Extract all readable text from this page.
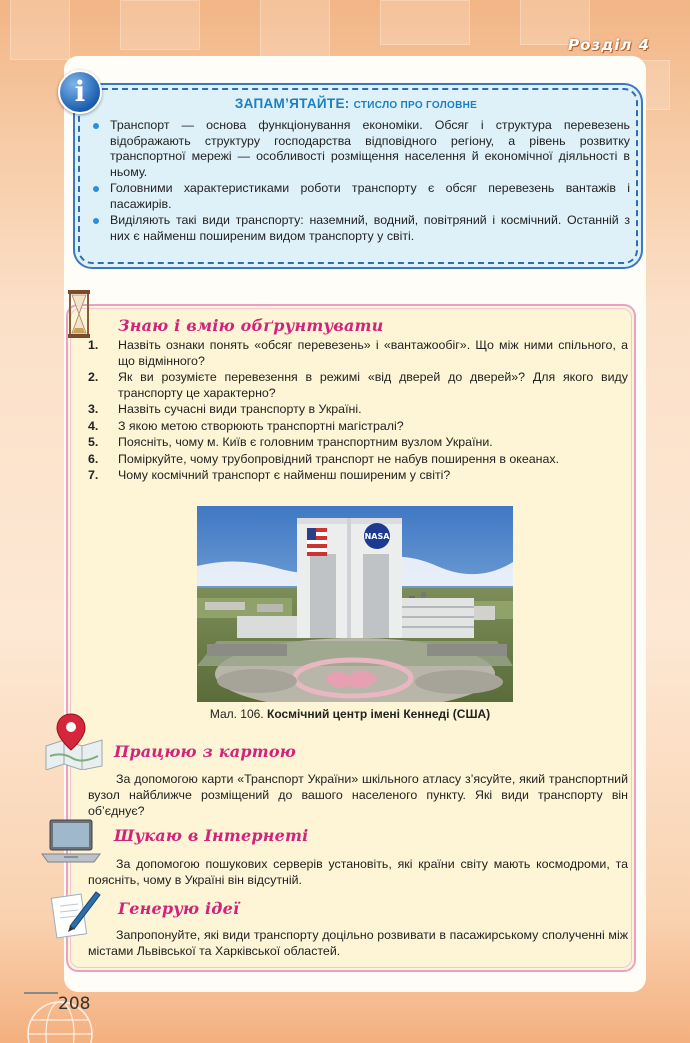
Розділ 4
i	ЗАПАМ’ЯТАЙТЕ: СТИСЛО ПРО ГОЛОВНЕ
Транспорт — основа функціонування економіки. Обсяг і структура перевезень відображають структуру господарства відповідного регіону, а рівень розвитку транспортної мережі — особливості розміщення населення й економічної діяльності в ньому.
Головними характеристиками роботи транспорту є обсяг перевезень вантажів і пасажирів.
Виділяють такі види транспорту: наземний, водний, повітряний і космічний. Останній з них є найменш поширеним видом транспорту у світі.
Знаю і вмію обґрунтувати
1.	Назвіть ознаки понять «обсяг перевезень» і «вантажообіг». Що між ними спільного, а що відмінного?
2.	Як ви розумієте перевезення в режимі «від дверей до дверей»? Для якого виду транспорту це характерно?
3.	Назвіть сучасні види транспорту в Україні.
4.	З якою метою створюють транспортні магістралі?
5.	Поясніть, чому м. Київ є головним транспортним вузлом України.
6.	Поміркуйте, чому трубопровідний транспорт не набув поширення в океанах.
7.	Чому космічний транспорт є найменш поширеним у світі?
NASA
Мал. 106. Космічний центр імені Кеннеді (США)
Працюю з картою
За допомогою карти «Транспорт України» шкільного атласу з’ясуйте, який транспортний вузол найближче розміщений до вашого населеного пункту. Які види транспорту він об’єднує?
Шукаю в Інтернеті
За допомогою пошукових серверів установіть, які країни світу мають космодроми, та поясніть, чому в Україні він відсутній.
Генерую ідеї
Запропонуйте, які види транспорту доцільно розвивати в пасажирському сполученні між містами Львівської та Харківської областей.
208
